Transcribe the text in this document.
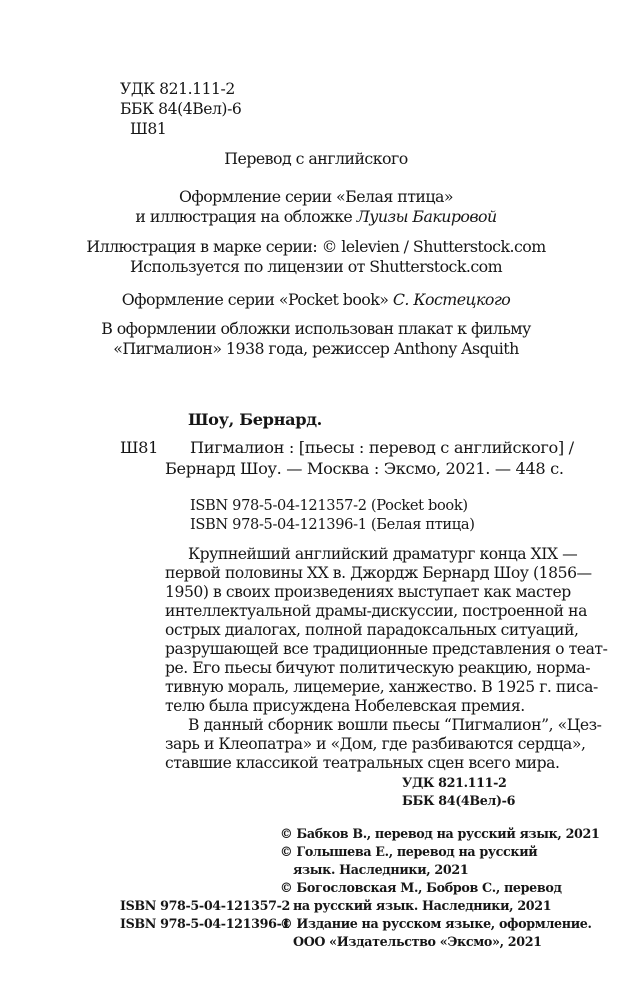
УДК 821.111-2
ББК 84(4Вел)-6
Ш81
Перевод с английского
Оформление серии «Белая птица»
и иллюстрация на обложке Луизы Бакировой
Иллюстрация в марке серии: © lelevien / Shutterstock.com
Используется по лицензии от Shutterstock.com
Оформление серии «Pocket book» С. Костецкого
В оформлении обложки использован плакат к фильму
«Пигмалион» 1938 года, режиссер Anthony Asquith
Шоу, Бернард.
Ш81 Пигмалион : [пьесы : перевод с английского] /
Бернард Шоу. — Москва : Эксмо, 2021. — 448 с.
ISBN 978-5-04-121357-2 (Pocket book)
ISBN 978-5-04-121396-1 (Белая птица)
Крупнейший английский драматург конца XIX —
первой половины XX в. Джордж Бернард Шоу (1856—
1950) в своих произведениях выступает как мастер
интеллектуальной драмы-дискуссии, построенной на
острых диалогах, полной парадоксальных ситуаций,
разрушающей все традиционные представления о теат-
ре. Его пьесы бичуют политическую реакцию, норма-
тивную мораль, лицемерие, ханжество. В 1925 г. писа-
телю была присуждена Нобелевская премия.
В данный сборник вошли пьесы “Пигмалион”, «Цез-
зарь и Клеопатра» и «Дом, где разбиваются сердца»,
ставшие классикой театральных сцен всего мира.
УДК 821.111-2
ББК 84(4Вел)-6
© Бабков В., перевод на русский язык, 2021
© Голышева Е., перевод на русский
язык. Наследники, 2021
© Богословская М., Бобров С., перевод
на русский язык. Наследники, 2021
© Издание на русском языке, оформление.
ООО «Издательство «Эксмо», 2021
ISBN 978-5-04-121357-2
ISBN 978-5-04-121396-1
